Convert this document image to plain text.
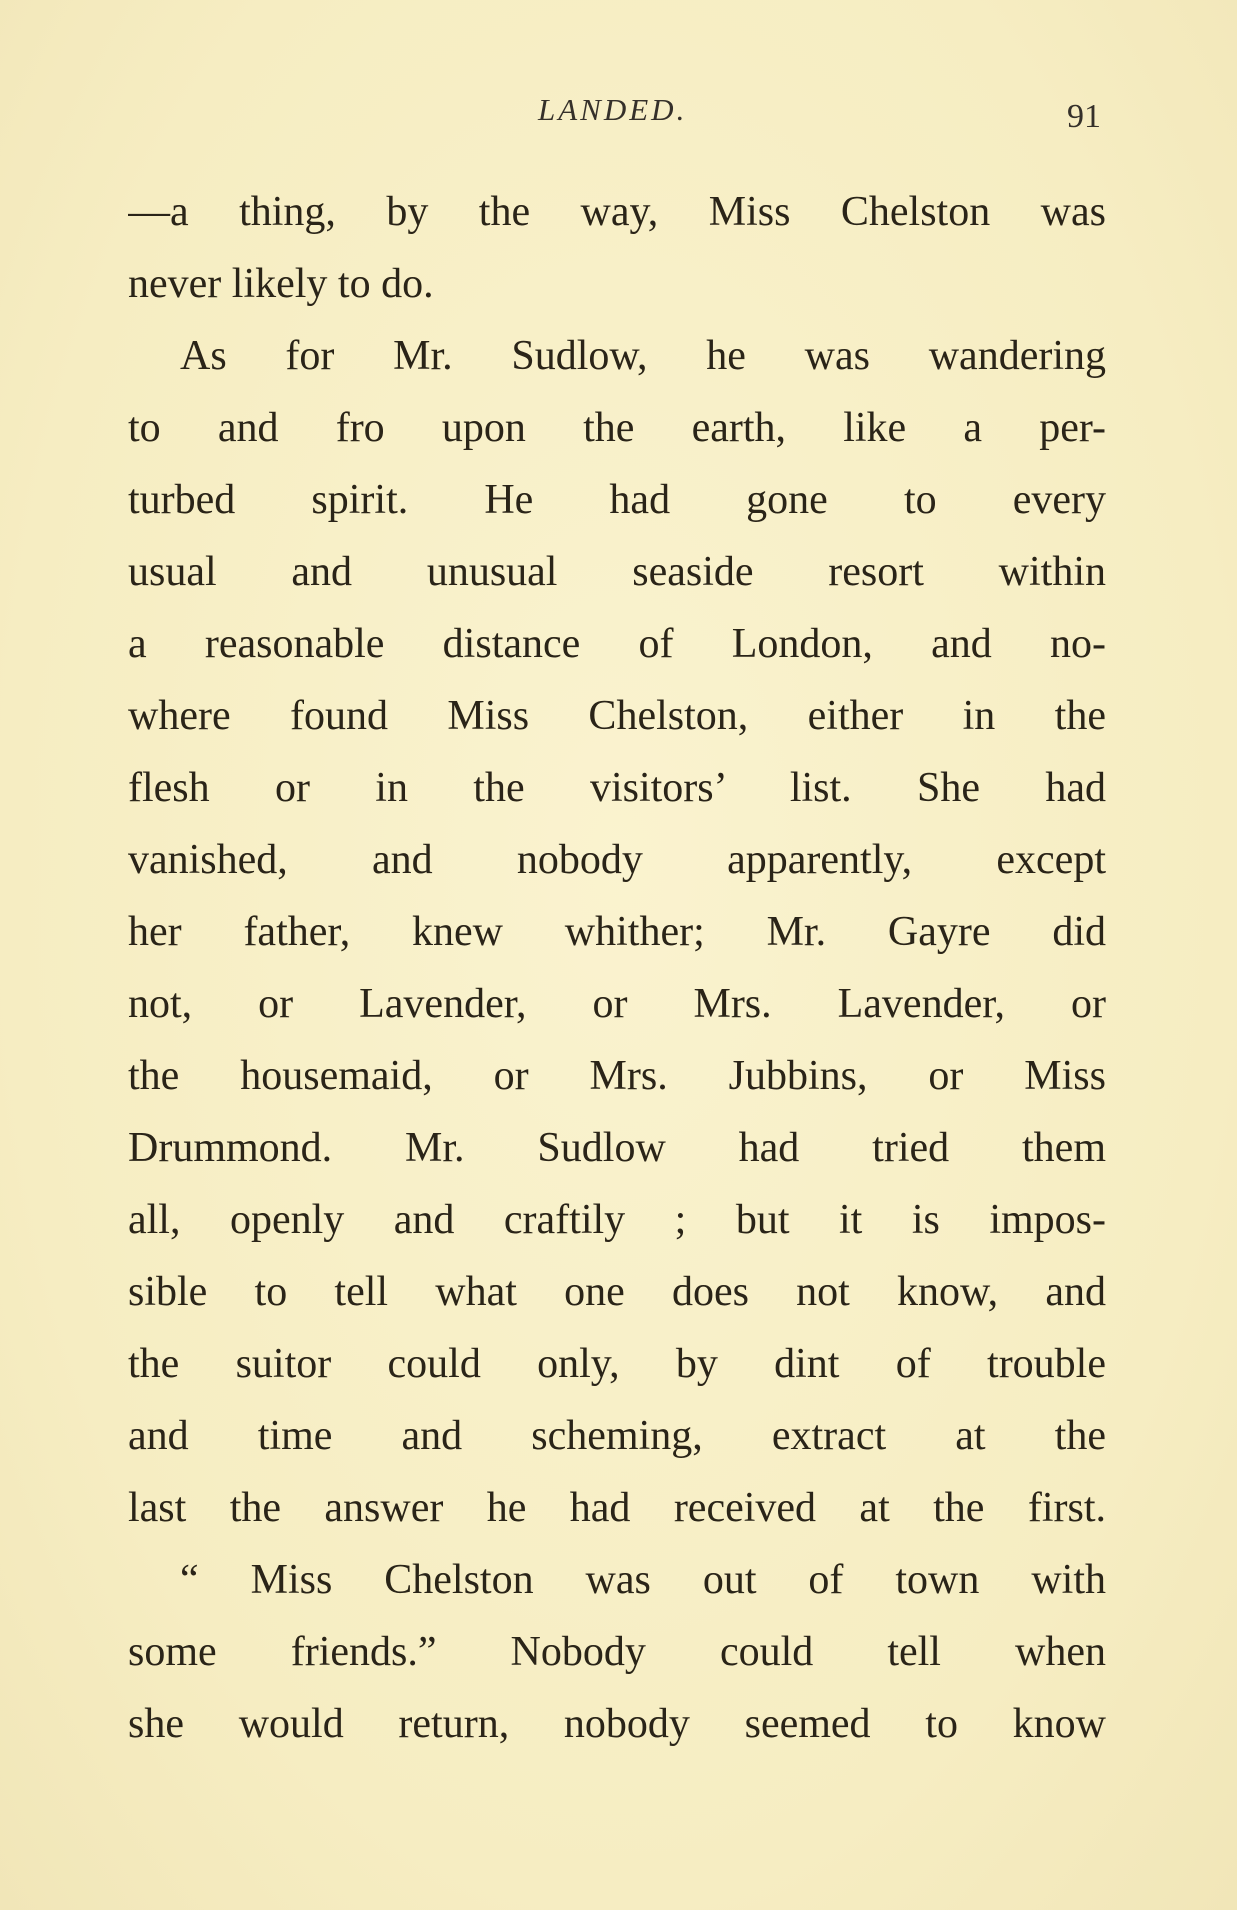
LANDED.	91
—a thing, by the way, Miss Chelston was
never likely to do.
As for Mr. Sudlow, he was wandering
to and fro upon the earth, like a per-
turbed spirit. He had gone to every
usual and unusual seaside resort within
a reasonable distance of London, and no-
where found Miss Chelston, either in the
flesh or in the visitors’ list. She had
vanished, and nobody apparently, except
her father, knew whither; Mr. Gayre did
not, or Lavender, or Mrs. Lavender, or
the housemaid, or Mrs. Jubbins, or Miss
Drummond. Mr. Sudlow had tried them
all, openly and craftily ; but it is impos-
sible to tell what one does not know, and
the suitor could only, by dint of trouble
and time and scheming, extract at the
last the answer he had received at the first.
“ Miss Chelston was out of town with
some friends.” Nobody could tell when
she would return, nobody seemed to know
